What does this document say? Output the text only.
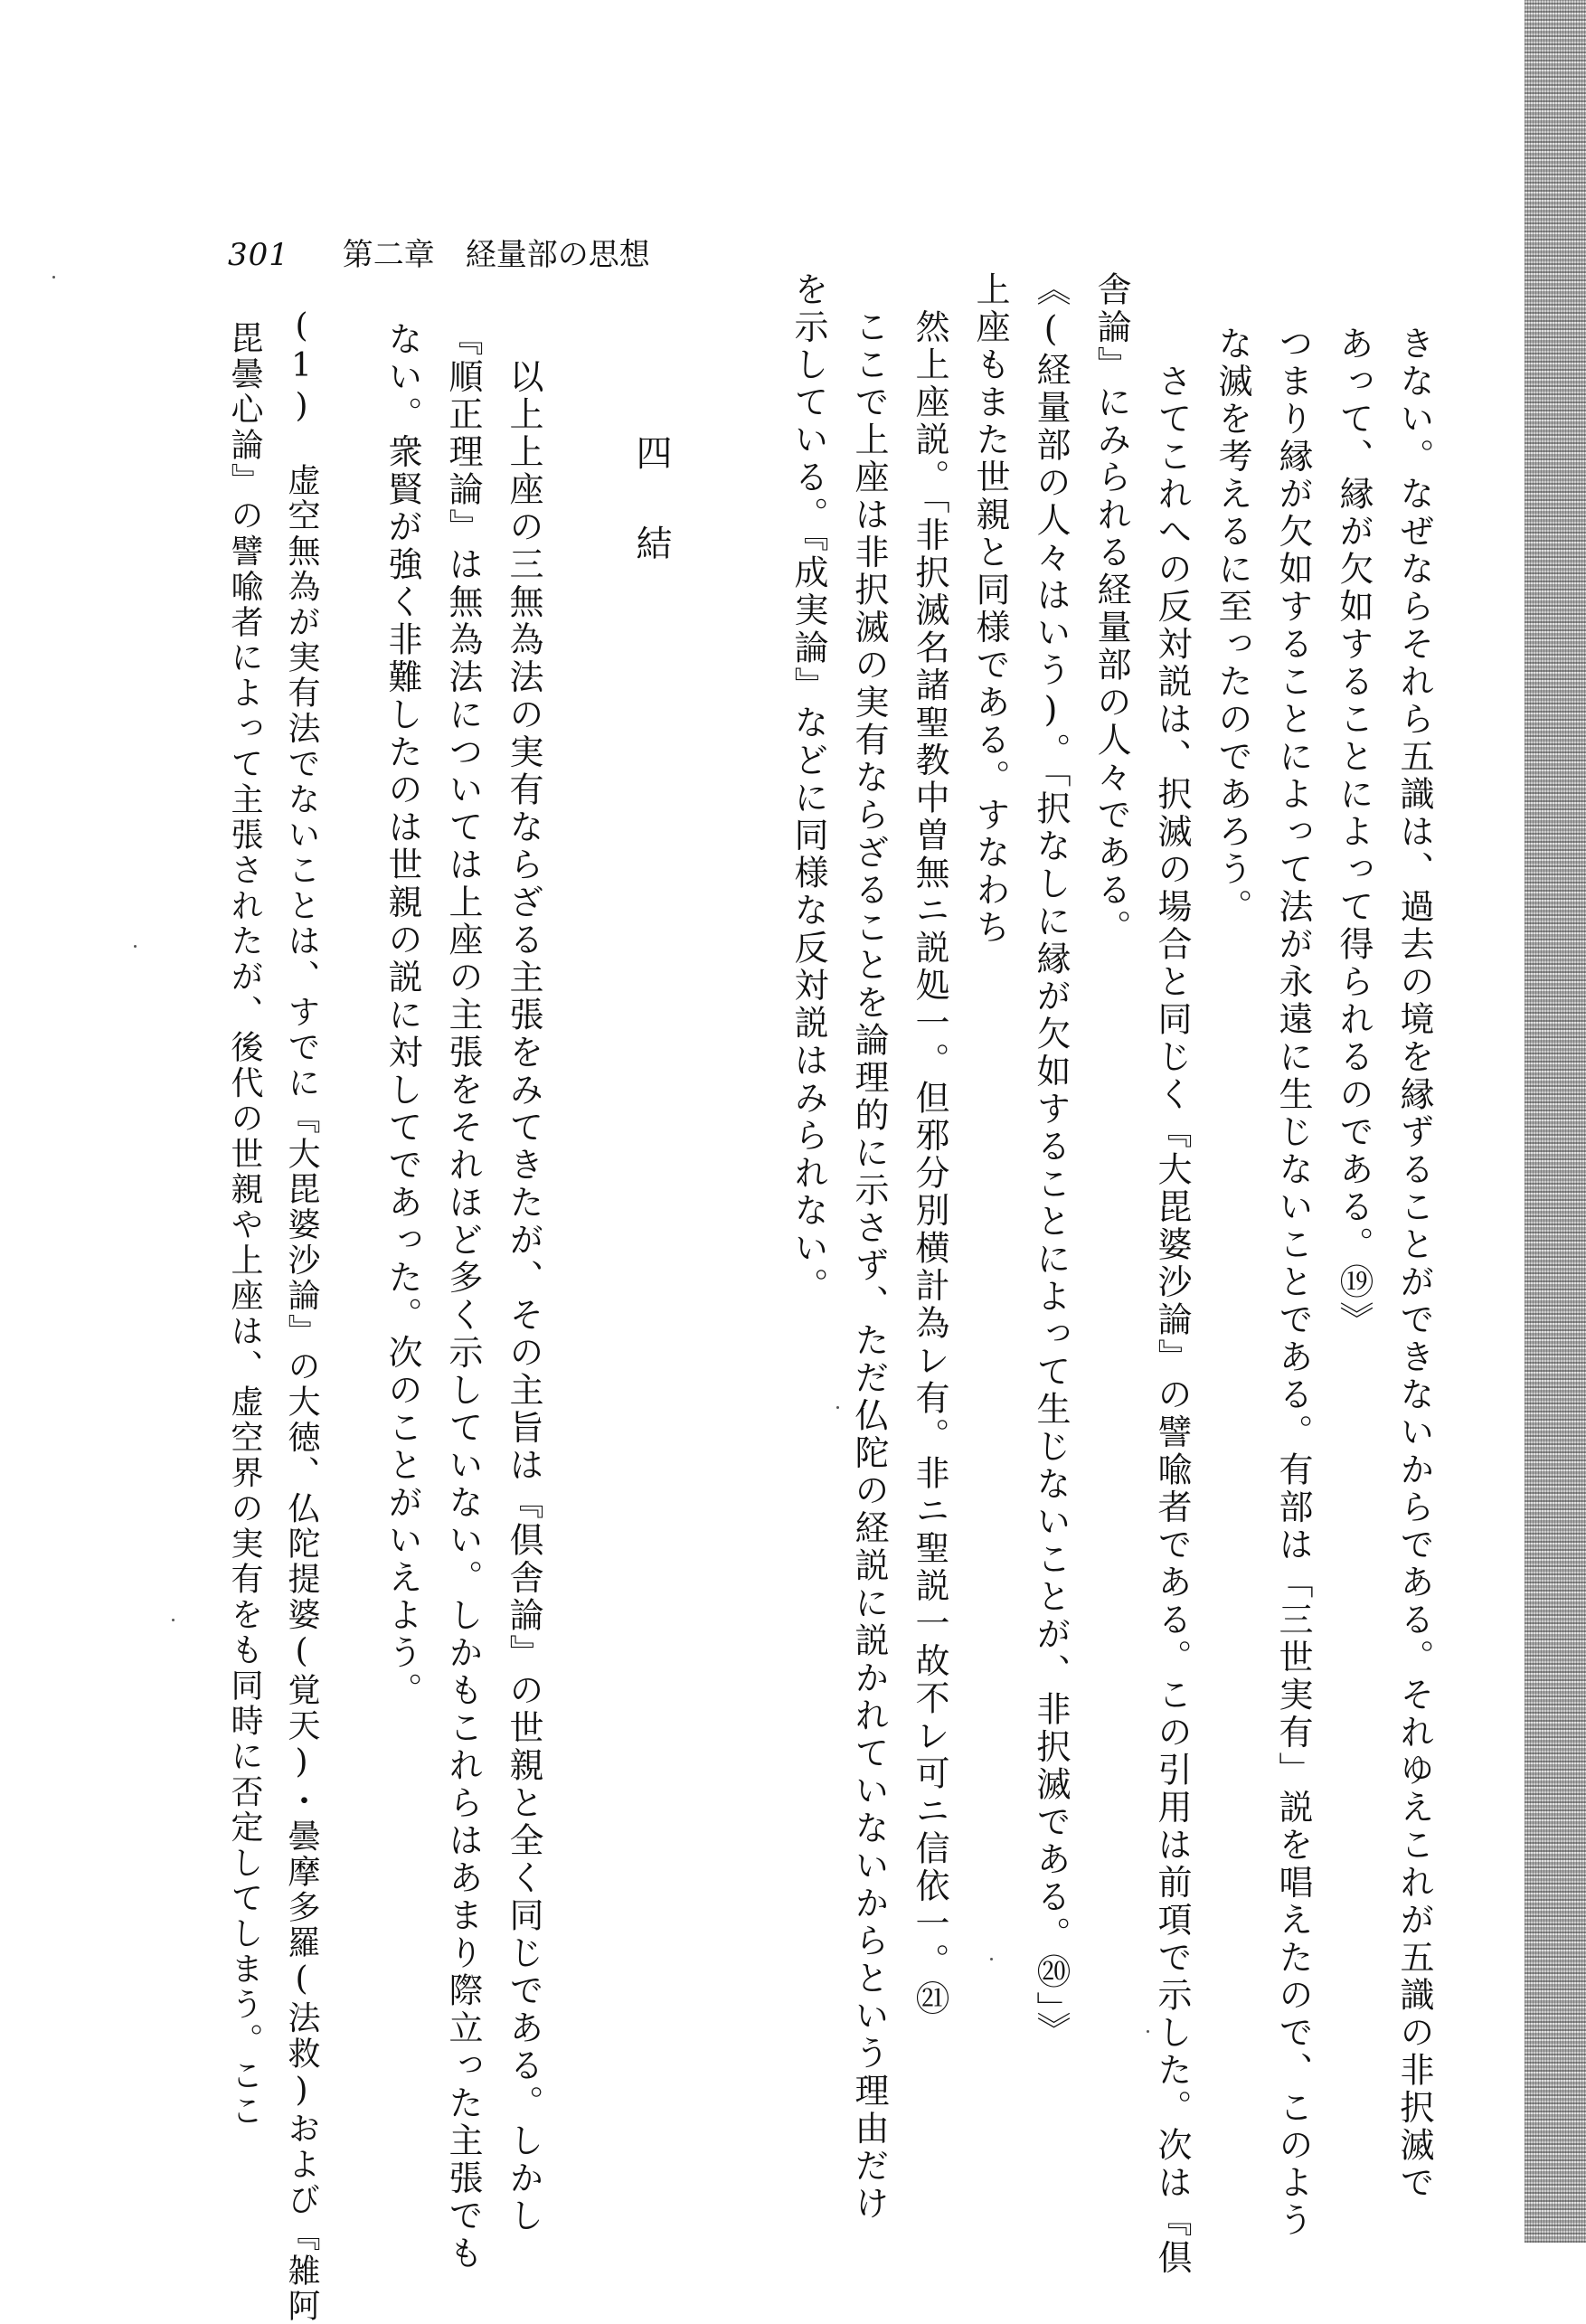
301 第二章　経量部の思想
きない。なぜならそれら五識は、過去の境を縁ずることができないからである。それゆえこれが五識の非択滅で
あって、縁が欠如することによって得られるのである。⑲》
つまり縁が欠如することによって法が永遠に生じないことである。有部は「三世実有」説を唱えたので、このよう
な滅を考えるに至ったのであろう。
　さてこれへの反対説は、択滅の場合と同じく『大毘婆沙論』の譬喩者である。この引用は前項で示した。次は『倶
舎論』にみられる経量部の人々である。
《(経量部の人々はいう)。「択なしに縁が欠如することによって生じないことが、非択滅である。⑳」》
上座もまた世親と同様である。すなわち
　然上座説。「非択滅名諸聖教中曽無ニ説処一。但邪分別横計為レ有。非ニ聖説一故不レ可ニ信依一。㉑
　ここで上座は非択滅の実有ならざることを論理的に示さず、ただ仏陀の経説に説かれていないからという理由だけ
を示している。『成実論』などに同様な反対説はみられない。
四　結
　以上上座の三無為法の実有ならざる主張をみてきたが、その主旨は『倶舎論』の世親と全く同じである。しかし
『順正理論』は無為法については上座の主張をそれほど多く示していない。しかもこれらはあまり際立った主張でも
ない。衆賢が強く非難したのは世親の説に対してであった。次のことがいえよう。
(1)　虚空無為が実有法でないことは、すでに『大毘婆沙論』の大徳、仏陀提婆(覚天)・曇摩多羅(法救)および『雑阿
毘曇心論』の譬喩者によって主張されたが、後代の世親や上座は、虚空界の実有をも同時に否定してしまう。ここ
